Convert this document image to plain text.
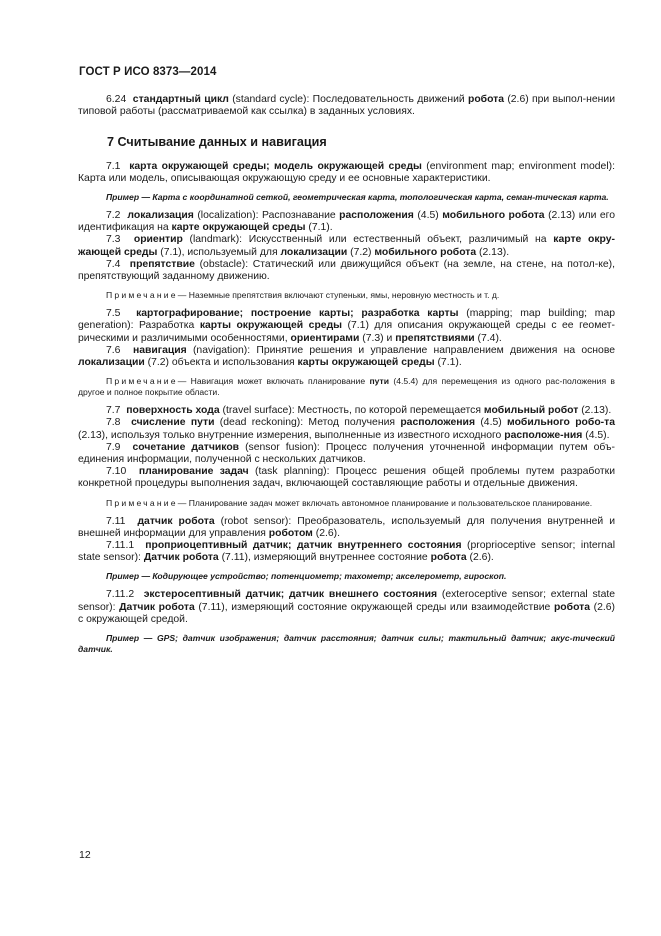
ГОСТ Р ИСО 8373—2014

6.24 стандартный цикл (standard cycle): Последовательность движений робота (2.6) при выпол-нении типовой работы (рассматриваемой как ссылка) в заданных условиях.

7 Считывание данных и навигация

7.1 карта окружающей среды; модель окружающей среды (environment map; environment model): Карта или модель, описывающая окружающую среду и ее основные характеристики.

Пример — Карта с координатной сеткой, геометрическая карта, топологическая карта, семан-тическая карта.

7.2 локализация (localization): Распознавание расположения (4.5) мобильного робота (2.13) или его идентификация на карте окружающей среды (7.1).

7.3 ориентир (landmark): Искусственный или естественный объект, различимый на карте окру-жающей среды (7.1), используемый для локализации (7.2) мобильного робота (2.13).

7.4 препятствие (obstacle): Статический или движущийся объект (на земле, на стене, на потол-ке), препятствующий заданному движению.

Примечание— Наземные препятствия включают ступеньки, ямы, неровную местность и т. д.

7.5 картографирование; построение карты; разработка карты (mapping; map building; map generation): Разработка карты окружающей среды (7.1) для описания окружающей среды с ее геомет-рическими и различимыми особенностями, ориентирами (7.3) и препятствиями (7.4).

7.6 навигация (navigation): Принятие решения и управление направлением движения на основе локализации (7.2) объекта и использования карты окружающей среды (7.1).

Примечание— Навигация может включать планирование пути (4.5.4) для перемещения из одного рас-положения в другое и полное покрытие области.

7.7 поверхность хода (travel surface): Местность, по которой перемещается мобильный робот (2.13).

7.8 счисление пути (dead reckoning): Метод получения расположения (4.5) мобильного робо-та (2.13), используя только внутренние измерения, выполненные из известного исходного расположе-ния (4.5).

7.9 сочетание датчиков (sensor fusion): Процесс получения уточненной информации путем объ-единения информации, полученной с нескольких датчиков.

7.10 планирование задач (task planning): Процесс решения общей проблемы путем разработки конкретной процедуры выполнения задач, включающей составляющие работы и отдельные движения.

Примечание— Планирование задач может включать автономное планирование и пользовательское планирование.

7.11 датчик робота (robot sensor): Преобразователь, используемый для получения внутренней и внешней информации для управления роботом (2.6).

7.11.1 проприоцептивный датчик; датчик внутреннего состояния (proprioceptive sensor; internal state sensor): Датчик робота (7.11), измеряющий внутреннее состояние робота (2.6).

Пример — Кодирующее устройство; потенциометр; тахометр; акселерометр, гироскоп.

7.11.2 экстеросептивный датчик; датчик внешнего состояния (exteroceptive sensor; external state sensor): Датчик робота (7.11), измеряющий состояние окружающей среды или взаимодействие робота (2.6) с окружающей средой.

Пример — GPS; датчик изображения; датчик расстояния; датчик силы; тактильный датчик; акус-тический датчик.

12
